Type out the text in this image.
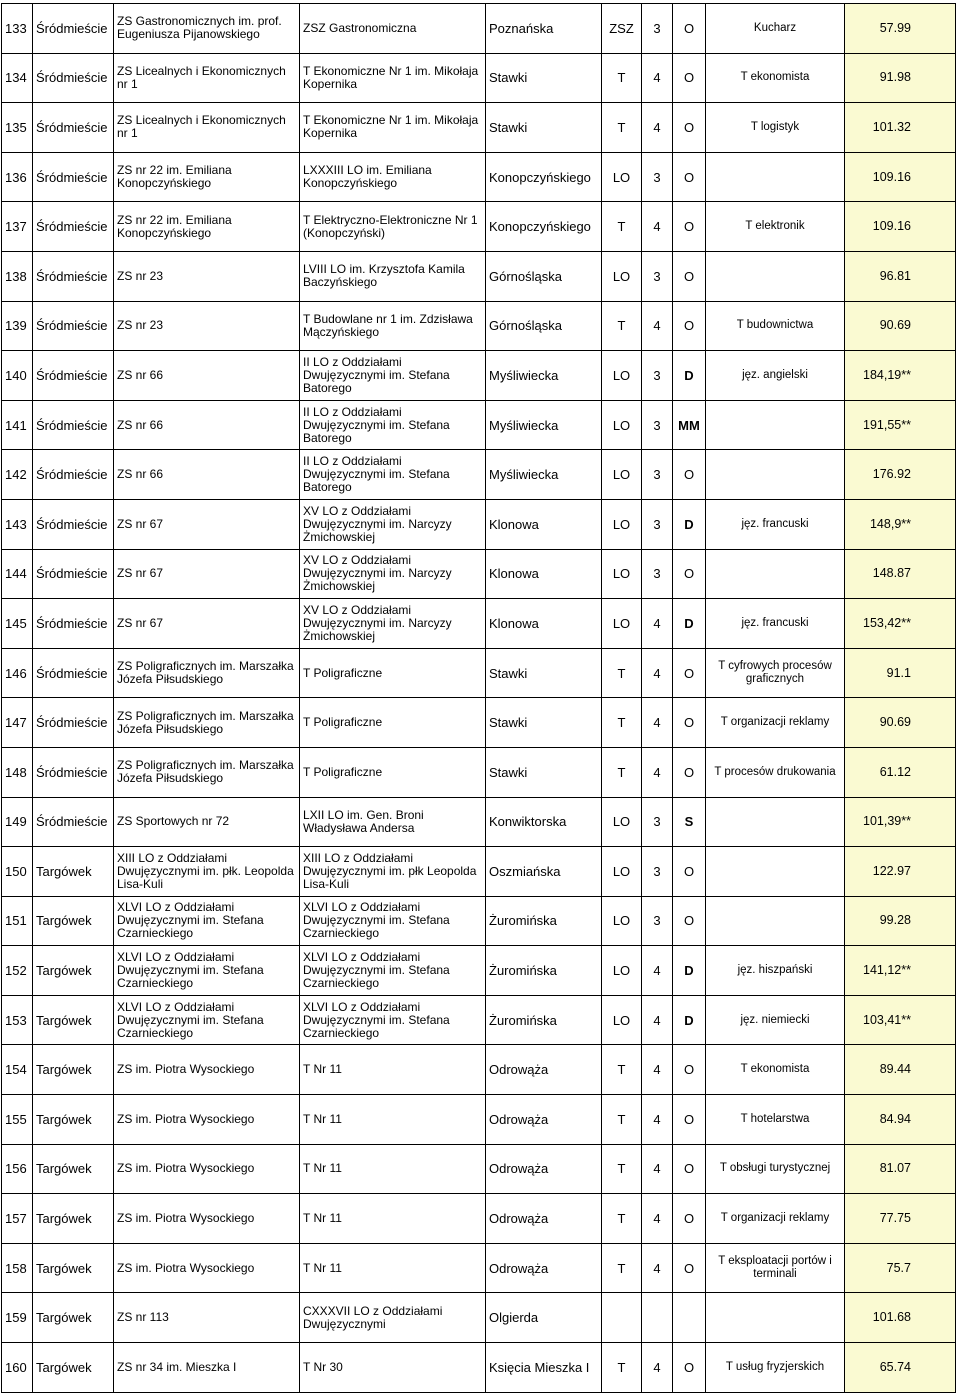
133	Śródmieście	ZS Gastronomicznych im. prof. Eugeniusza Pijanowskiego	ZSZ Gastronomiczna	Poznańska	ZSZ	3	O	Kucharz	57.99
134	Śródmieście	ZS Licealnych i Ekonomicznych nr 1	T Ekonomiczne Nr 1 im. Mikołaja Kopernika	Stawki	T	4	O	T ekonomista	91.98
135	Śródmieście	ZS Licealnych i Ekonomicznych nr 1	T Ekonomiczne Nr 1 im. Mikołaja Kopernika	Stawki	T	4	O	T logistyk	101.32
136	Śródmieście	ZS nr 22 im. Emiliana Konopczyńskiego	LXXXIII LO im. Emiliana Konopczyńskiego	Konopczyńskiego	LO	3	O		109.16
137	Śródmieście	ZS nr 22 im. Emiliana Konopczyńskiego	T Elektryczno-Elektroniczne Nr 1 (Konopczyński)	Konopczyńskiego	T	4	O	T elektronik	109.16
138	Śródmieście	ZS nr 23	LVIII LO im. Krzysztofa Kamila Baczyńskiego	Górnośląska	LO	3	O		96.81
139	Śródmieście	ZS nr 23	T Budowlane nr 1 im. Zdzisława Mączyńskiego	Górnośląska	T	4	O	T budownictwa	90.69
140	Śródmieście	ZS nr 66	II LO z Oddziałami Dwujęzycznymi im. Stefana Batorego	Myśliwiecka	LO	3	D	jęz. angielski	184,19**
141	Śródmieście	ZS nr 66	II LO z Oddziałami Dwujęzycznymi im. Stefana Batorego	Myśliwiecka	LO	3	MM		191,55**
142	Śródmieście	ZS nr 66	II LO z Oddziałami Dwujęzycznymi im. Stefana Batorego	Myśliwiecka	LO	3	O		176.92
143	Śródmieście	ZS nr 67	XV LO z Oddziałami Dwujęzycznymi im. Narcyzy Żmichowskiej	Klonowa	LO	3	D	jęz. francuski	148,9**
144	Śródmieście	ZS nr 67	XV LO z Oddziałami Dwujęzycznymi im. Narcyzy Żmichowskiej	Klonowa	LO	3	O		148.87
145	Śródmieście	ZS nr 67	XV LO z Oddziałami Dwujęzycznymi im. Narcyzy Żmichowskiej	Klonowa	LO	4	D	jęz. francuski	153,42**
146	Śródmieście	ZS Poligraficznych im. Marszałka Józefa Piłsudskiego	T Poligraficzne	Stawki	T	4	O	T cyfrowych procesów graficznych	91.1
147	Śródmieście	ZS Poligraficznych im. Marszałka Józefa Piłsudskiego	T Poligraficzne	Stawki	T	4	O	T organizacji reklamy	90.69
148	Śródmieście	ZS Poligraficznych im. Marszałka Józefa Piłsudskiego	T Poligraficzne	Stawki	T	4	O	T procesów drukowania	61.12
149	Śródmieście	ZS Sportowych nr 72	LXII LO im. Gen. Broni Władysława Andersa	Konwiktorska	LO	3	S		101,39**
150	Targówek	XIII LO z Oddziałami Dwujęzycznymi im. płk. Leopolda Lisa-Kuli	XIII LO z Oddziałami Dwujęzycznymi im. płk Leopolda Lisa-Kuli	Oszmiańska	LO	3	O		122.97
151	Targówek	XLVI LO z Oddziałami Dwujęzycznymi im. Stefana Czarnieckiego	XLVI LO z Oddziałami Dwujęzycznymi im. Stefana Czarnieckiego	Żuromińska	LO	3	O		99.28
152	Targówek	XLVI LO z Oddziałami Dwujęzycznymi im. Stefana Czarnieckiego	XLVI LO z Oddziałami Dwujęzycznymi im. Stefana Czarnieckiego	Żuromińska	LO	4	D	jęz. hiszpański	141,12**
153	Targówek	XLVI LO z Oddziałami Dwujęzycznymi im. Stefana Czarnieckiego	XLVI LO z Oddziałami Dwujęzycznymi im. Stefana Czarnieckiego	Żuromińska	LO	4	D	jęz. niemiecki	103,41**
154	Targówek	ZS im. Piotra Wysockiego	T Nr 11	Odrowąża	T	4	O	T ekonomista	89.44
155	Targówek	ZS im. Piotra Wysockiego	T Nr 11	Odrowąża	T	4	O	T hotelarstwa	84.94
156	Targówek	ZS im. Piotra Wysockiego	T Nr 11	Odrowąża	T	4	O	T obsługi turystycznej	81.07
157	Targówek	ZS im. Piotra Wysockiego	T Nr 11	Odrowąża	T	4	O	T organizacji reklamy	77.75
158	Targówek	ZS im. Piotra Wysockiego	T Nr 11	Odrowąża	T	4	O	T eksploatacji portów i terminali	75.7
159	Targówek	ZS nr 113	CXXXVII LO z Oddziałami Dwujęzycznymi	Olgierda					101.68
160	Targówek	ZS nr 34 im. Mieszka I	T Nr 30	Księcia Mieszka I	T	4	O	T usług fryzjerskich	65.74
